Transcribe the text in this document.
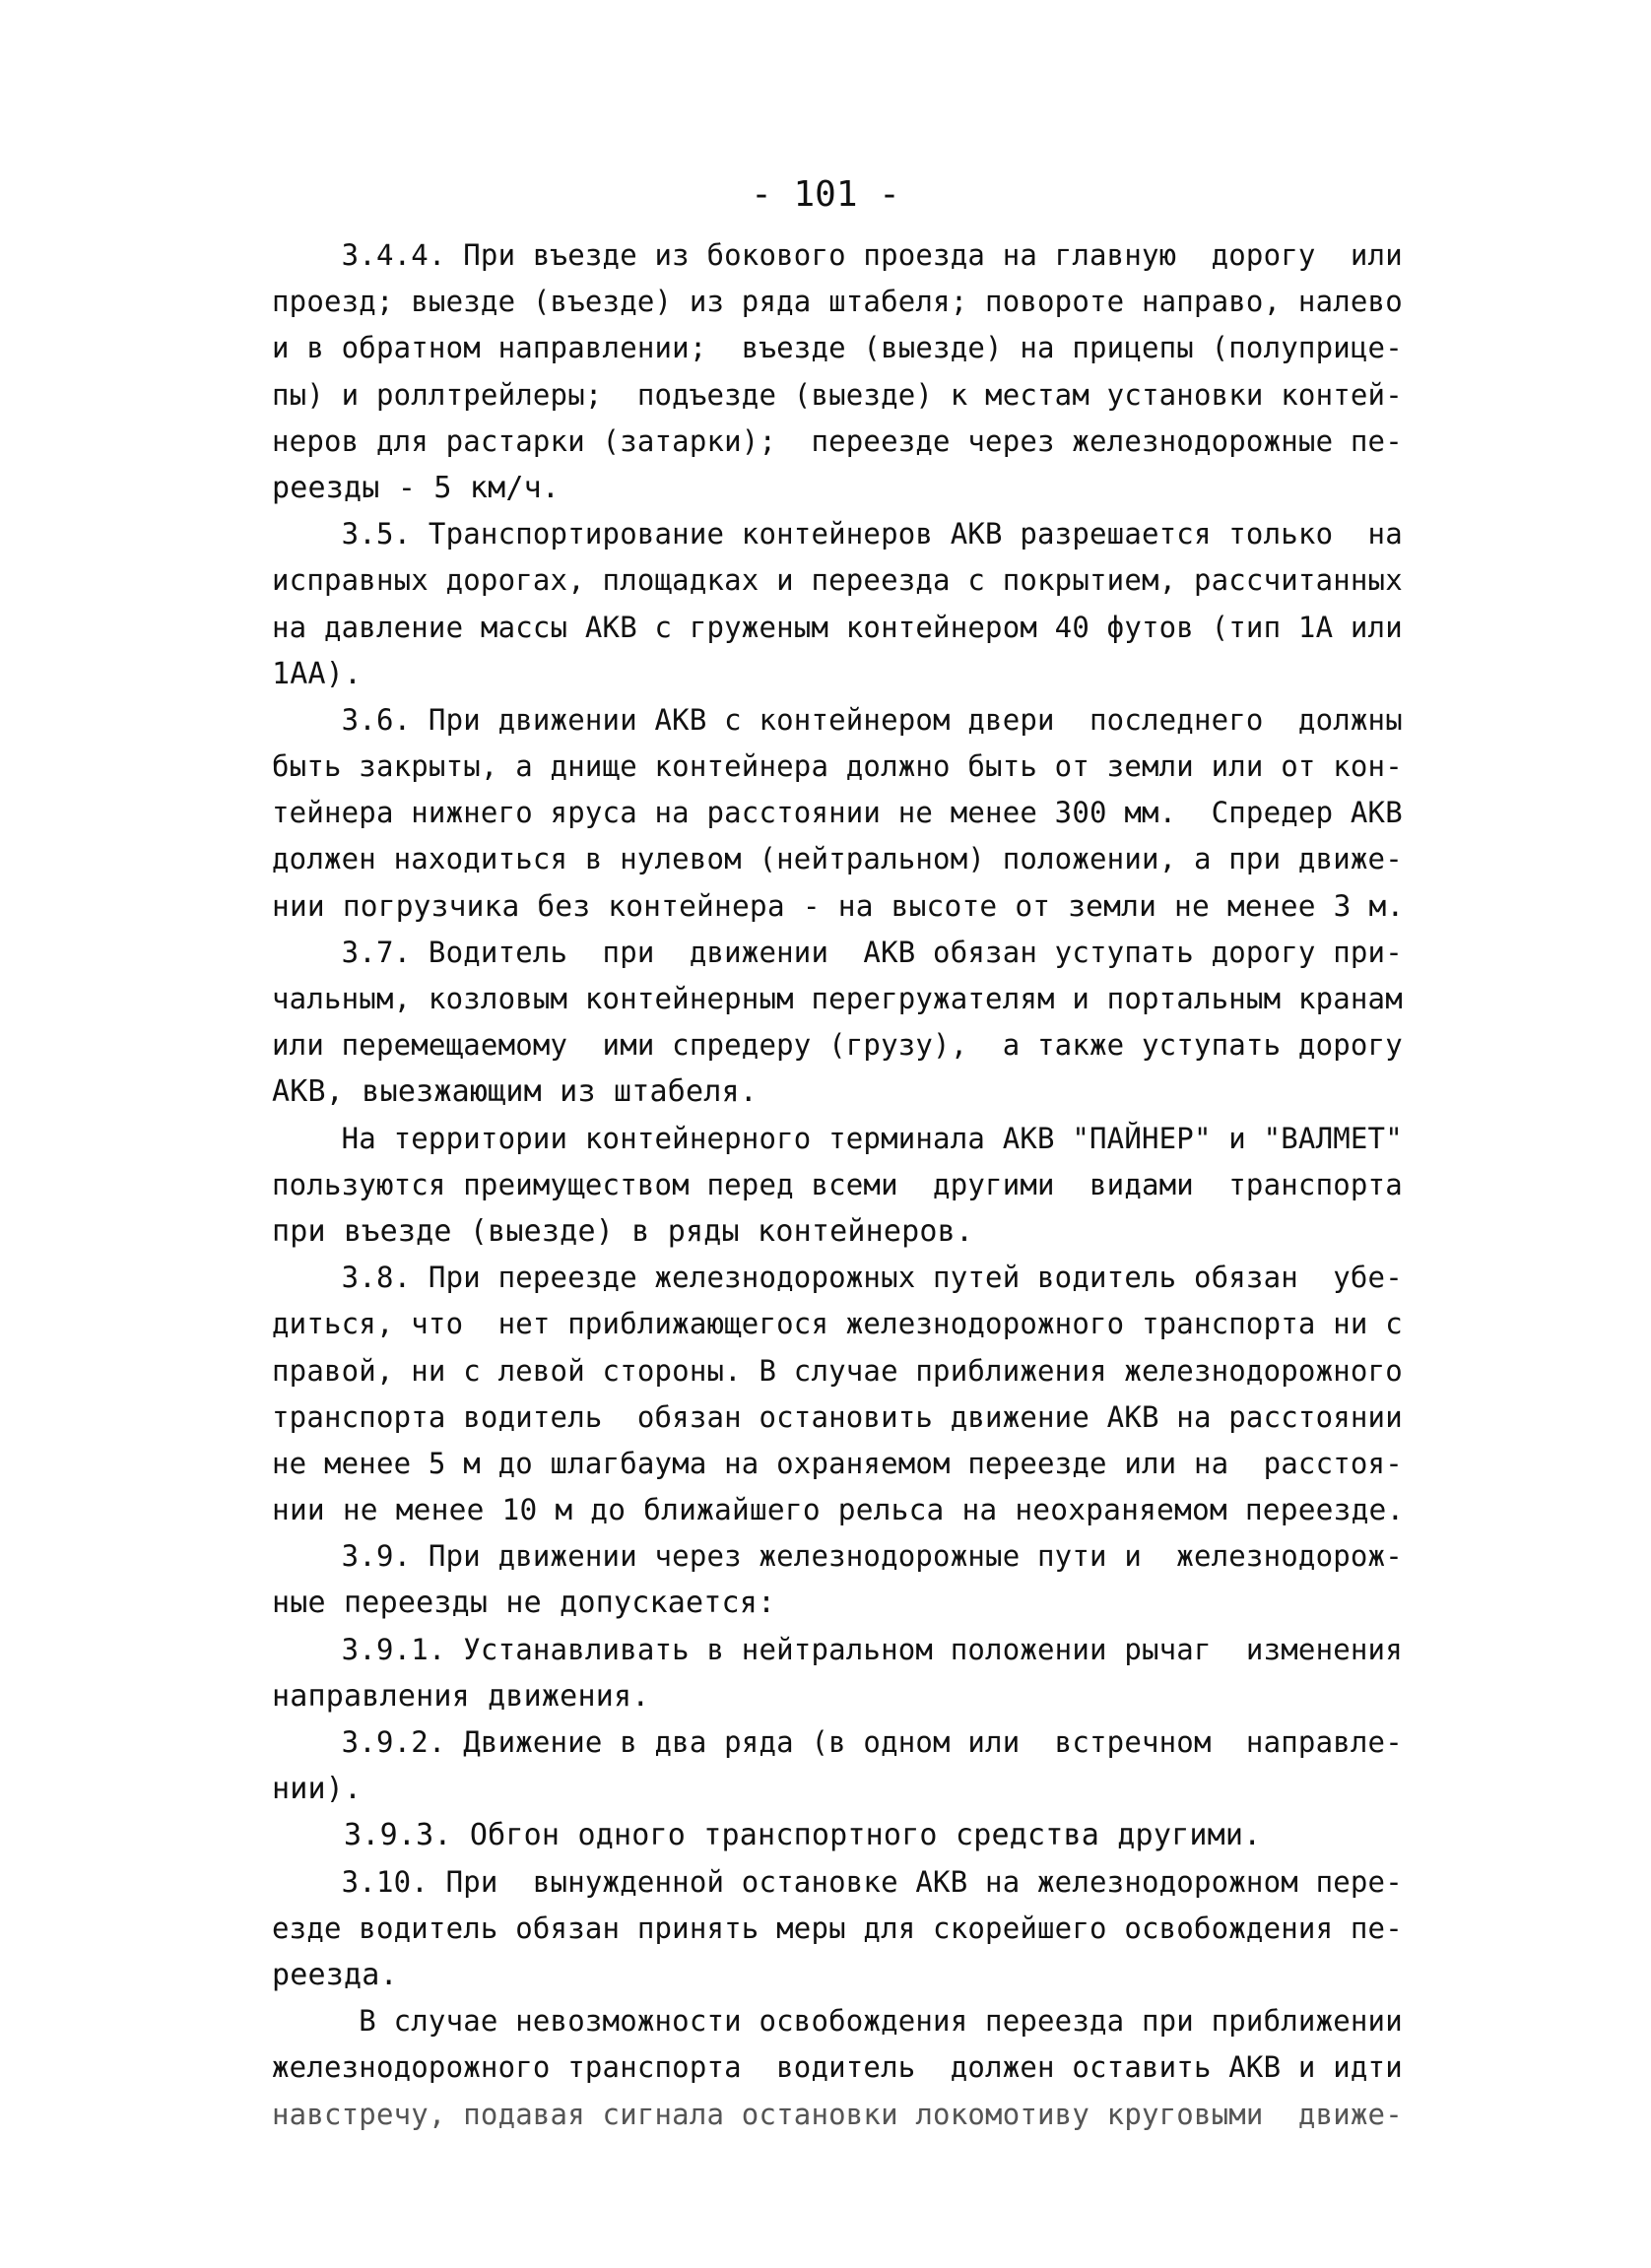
- 101 -
3.4.4. При въезде из бокового проезда на главную  дорогу  или
проезд; выезде (въезде) из ряда штабеля; повороте направо, налево
и в обратном направлении;  въезде (выезде) на прицепы (полуприце-
пы) и роллтрейлеры;  подъезде (выезде) к местам установки контей-
неров для растарки (затарки);  переезде через железнодорожные пе-
реезды - 5 км/ч.
3.5. Транспортирование контейнеров АКВ разрешается только  на
исправных дорогах, площадках и переезда с покрытием, рассчитанных
на давление массы АКВ с груженым контейнером 40 футов (тип 1А или
1АА).
3.6. При движении АКВ с контейнером двери  последнего  должны
быть закрыты, а днище контейнера должно быть от земли или от кон-
тейнера нижнего яруса на расстоянии не менее 300 мм.  Спредер АКВ
должен находиться в нулевом (нейтральном) положении, а при движе-
нии погрузчика без контейнера - на высоте от земли не менее 3 м.
3.7. Водитель  при  движении  АКВ обязан уступать дорогу при-
чальным, козловым контейнерным перегружателям и портальным кранам
или перемещаемому  ими спредеру (грузу),  а также уступать дорогу
АКВ, выезжающим из штабеля.
На территории контейнерного терминала АКВ "ПАЙНЕР" и "ВАЛМЕТ"
пользуются преимуществом перед всеми  другими  видами  транспорта
при въезде (выезде) в ряды контейнеров.
3.8. При переезде железнодорожных путей водитель обязан  убе-
диться, что  нет приближающегося железнодорожного транспорта ни с
правой, ни с левой стороны. В случае приближения железнодорожного
транспорта водитель  обязан остановить движение АКВ на расстоянии
не менее 5 м до шлагбаума на охраняемом переезде или на  расстоя-
нии не менее 10 м до ближайшего рельса на неохраняемом переезде.
3.9. При движении через железнодорожные пути и  железнодорож-
ные переезды не допускается:
3.9.1. Устанавливать в нейтральном положении рычаг  изменения
направления движения.
3.9.2. Движение в два ряда (в одном или  встречном  направле-
нии).
3.9.3. Обгон одного транспортного средства другими.
3.10. При  вынужденной остановке АКВ на железнодорожном пере-
езде водитель обязан принять меры для скорейшего освобождения пе-
реезда.
В случае невозможности освобождения переезда при приближении
железнодорожного транспорта  водитель  должен оставить АКВ и идти
навстречу, подавая сигнала остановки локомотиву круговыми  движе-
